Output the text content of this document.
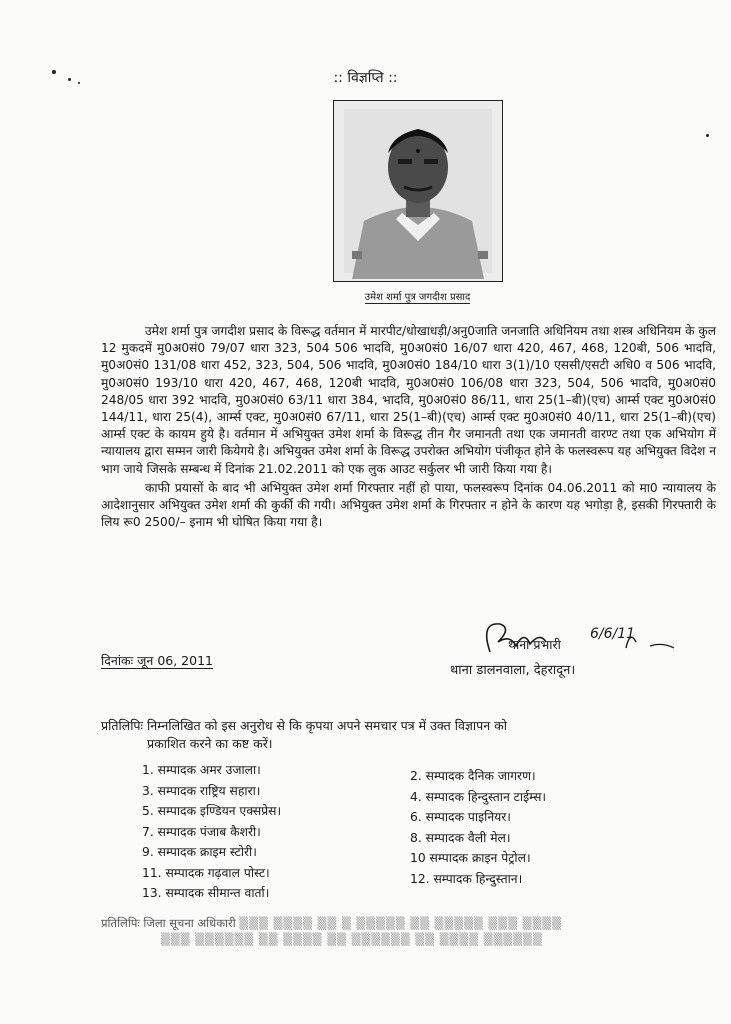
:: विज्ञप्ति ::
उमेश शर्मा पुत्र जगदीश प्रसाद

उमेश शर्मा पुत्र जगदीश प्रसाद के विरूद्ध वर्तमान में मारपीट/धोखाधड़ी/अनु0जाति जनजाति अधिनियम तथा शस्त्र अधिनियम के कुल 12 मुकदमें मु0अ0सं0 79/07 धारा 323, 504 506 भादवि, मु0अ0सं0 16/07 धारा 420, 467, 468, 120बी, 506 भादवि, मु0अ0सं0 131/08 धारा 452, 323, 504, 506 भादवि, मु0अ0सं0 184/10 धारा 3(1)/10 एससी/एसटी अधि0 व 506 भादवि, मु0अ0सं0 193/10 धारा 420, 467, 468, 120बी भादवि, मु0अ0सं0 106/08 धारा 323, 504, 506 भादवि, मु0अ0सं0 248/05 धारा 392 भादवि, मु0अ0सं0 63/11 धारा 384, भादवि, मु0अ0सं0 86/11, धारा 25(1–बी)(एच) आर्म्स एक्ट मु0अ0सं0 144/11, धारा 25(4), आर्म्स एक्ट, मु0अ0सं0 67/11, धारा 25(1–बी)(एच) आर्म्स एक्ट मु0अ0सं0 40/11, धारा 25(1–बी)(एच) आर्म्स एक्ट के कायम हुये है। वर्तमान में अभियुक्त उमेश शर्मा के विरूद्ध तीन गैर जमानती तथा एक जमानती वारण्ट तथा एक अभियोग में न्यायालय द्वारा सम्मन जारी कियेगये है। अभियुक्त उमेश शर्मा के विरूद्ध उपरोक्त अभियोग पंजीकृत होने के फलस्वरूप यह अभियुक्त विदेश न भाग जाये जिसके सम्बन्ध में दिनांक 21.02.2011 को एक लुक आउट सर्कुलर भी जारी किया गया है।

काफी प्रयासों के बाद भी अभियुक्त उमेश शर्मा गिरफ्तार नहीं हो पाया, फलस्वरूप दिनांक 04.06.2011 को मा0 न्यायालय के आदेशानुसार अभियुक्त उमेश शर्मा की कुर्की की गयी। अभियुक्त उमेश शर्मा के गिरफ्तार न होने के कारण यह भगोड़ा है, इसकी गिरफ्तारी के लिय रू0 2500/– इनाम भी घोषित किया गया है।

दिनांकः जून 06, 2011
6/6/11
थाना प्रभारी
थाना डालनवाला, देहरादून।
प्रतिलिपिः निम्नलिखित को इस अनुरोध से कि कृपया अपने समचार पत्र में उक्त विज्ञापन को
प्रकाशित करने का कष्ट करें।
1. सम्पादक अमर उजाला।
3. सम्पादक राष्ट्रिय सहारा।
5. सम्पादक इण्डियन एक्सप्रेस।
7. सम्पादक पंजाब कैशरी।
9. सम्पादक क्राइम स्टोरी।
11. सम्पादक गढ़वाल पोस्ट।
13. सम्पादक सीमान्त वार्ता।
2. सम्पादक दैनिक जागरण।
4. सम्पादक हिन्दुस्तान टाईम्स।
6. सम्पादक पाइनियर।
8. सम्पादक वैली मेल।
10 सम्पादक क्राइन पेट्रोल।
12. सम्पादक हिन्दुस्तान।
प्रतिलिपिः जिला सूचना अधिकारी ▒▒▒ ▒▒▒▒ ▒▒ ▒ ▒▒▒▒▒ ▒▒ ▒▒▒▒▒ ▒▒▒ ▒▒▒▒
▒▒▒ ▒▒▒▒▒▒ ▒▒ ▒▒▒▒ ▒▒ ▒▒▒▒▒▒ ▒▒ ▒▒▒▒ ▒▒▒▒▒▒
